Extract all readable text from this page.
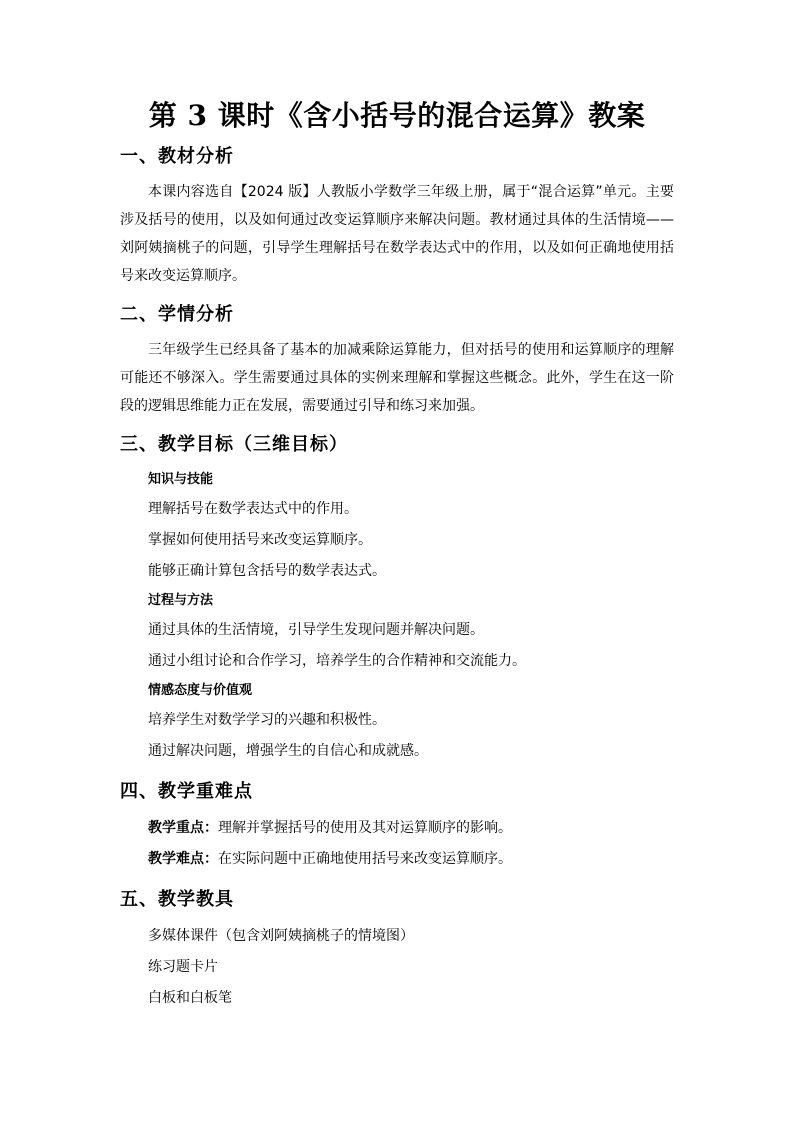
第 3 课时《含小括号的混合运算》教案
一、教材分析

本课内容选自【2024 版】人教版小学数学三年级上册，属于“混合运算”单元。主要涉及括号的使用，以及如何通过改变运算顺序来解决问题。教材通过具体的生活情境——刘阿姨摘桃子的问题，引导学生理解括号在数学表达式中的作用，以及如何正确地使用括号来改变运算顺序。

二、学情分析

三年级学生已经具备了基本的加减乘除运算能力，但对括号的使用和运算顺序的理解可能还不够深入。学生需要通过具体的实例来理解和掌握这些概念。此外，学生在这一阶段的逻辑思维能力正在发展，需要通过引导和练习来加强。

三、教学目标（三维目标）
知识与技能
理解括号在数学表达式中的作用。
掌握如何使用括号来改变运算顺序。
能够正确计算包含括号的数学表达式。
过程与方法
通过具体的生活情境，引导学生发现问题并解决问题。
通过小组讨论和合作学习，培养学生的合作精神和交流能力。
情感态度与价值观
培养学生对数学学习的兴趣和积极性。
通过解决问题，增强学生的自信心和成就感。
四、教学重难点
教学重点：理解并掌握括号的使用及其对运算顺序的影响。
教学难点：在实际问题中正确地使用括号来改变运算顺序。
五、教学教具
多媒体课件（包含刘阿姨摘桃子的情境图）
练习题卡片
白板和白板笔
